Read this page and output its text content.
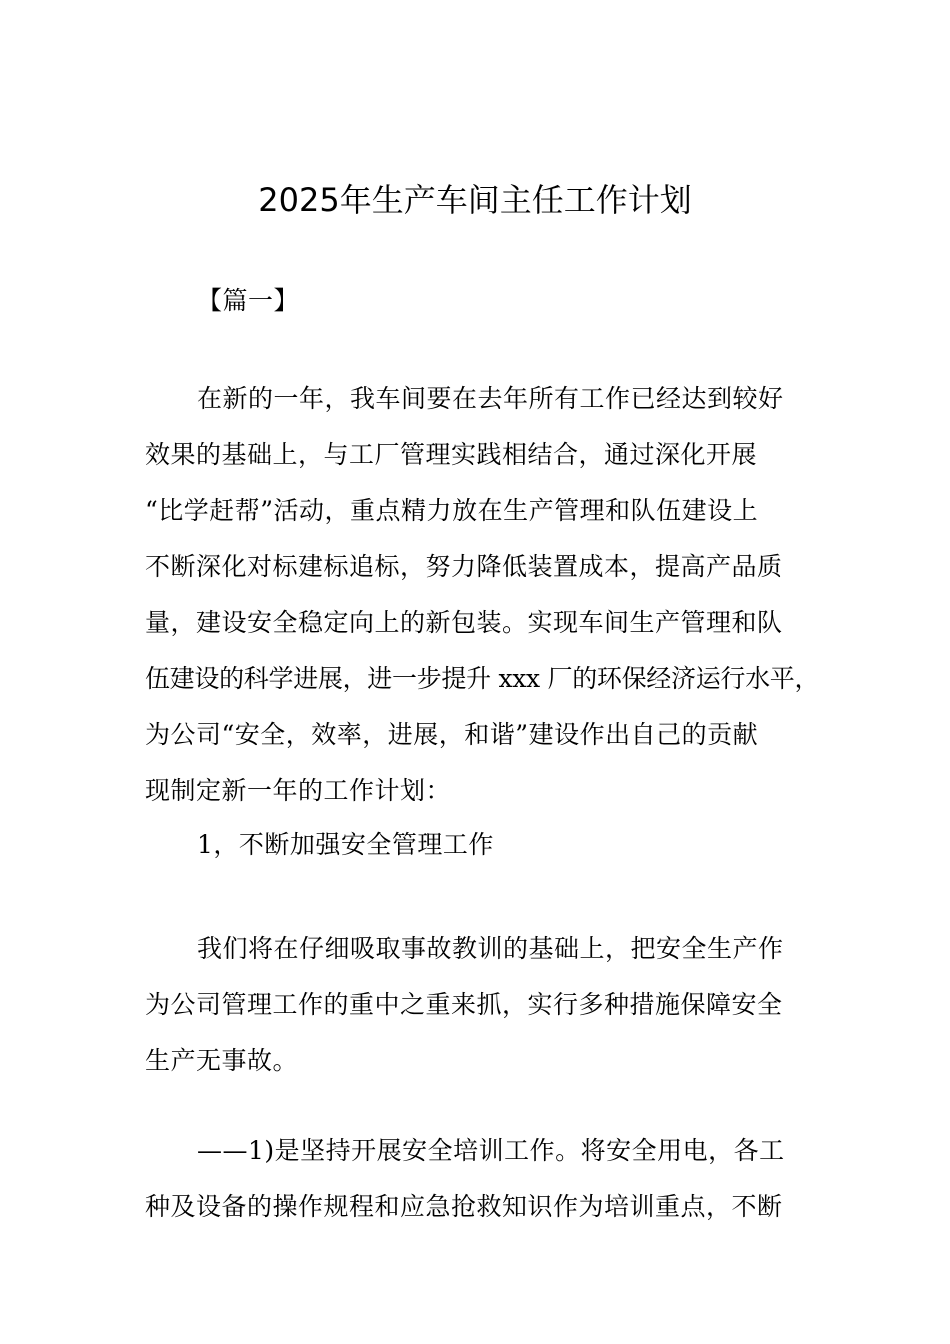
2025年生产车间主任工作计划
【篇一】
在新的一年，我车间要在去年所有工作已经达到较好
效果的基础上，与工厂管理实践相结合，通过深化开展
“比学赶帮”活动，重点精力放在生产管理和队伍建设上
不断深化对标建标追标，努力降低装置成本，提高产品质
量，建设安全稳定向上的新包装。实现车间生产管理和队
伍建设的科学进展，进一步提升 xxx 厂的环保经济运行水平，
为公司“安全，效率，进展，和谐”建设作出自己的贡献
现制定新一年的工作计划：
1，不断加强安全管理工作
我们将在仔细吸取事故教训的基础上，把安全生产作
为公司管理工作的重中之重来抓，实行多种措施保障安全
生产无事故。
——1)是坚持开展安全培训工作。将安全用电，各工
种及设备的操作规程和应急抢救知识作为培训重点，不断
